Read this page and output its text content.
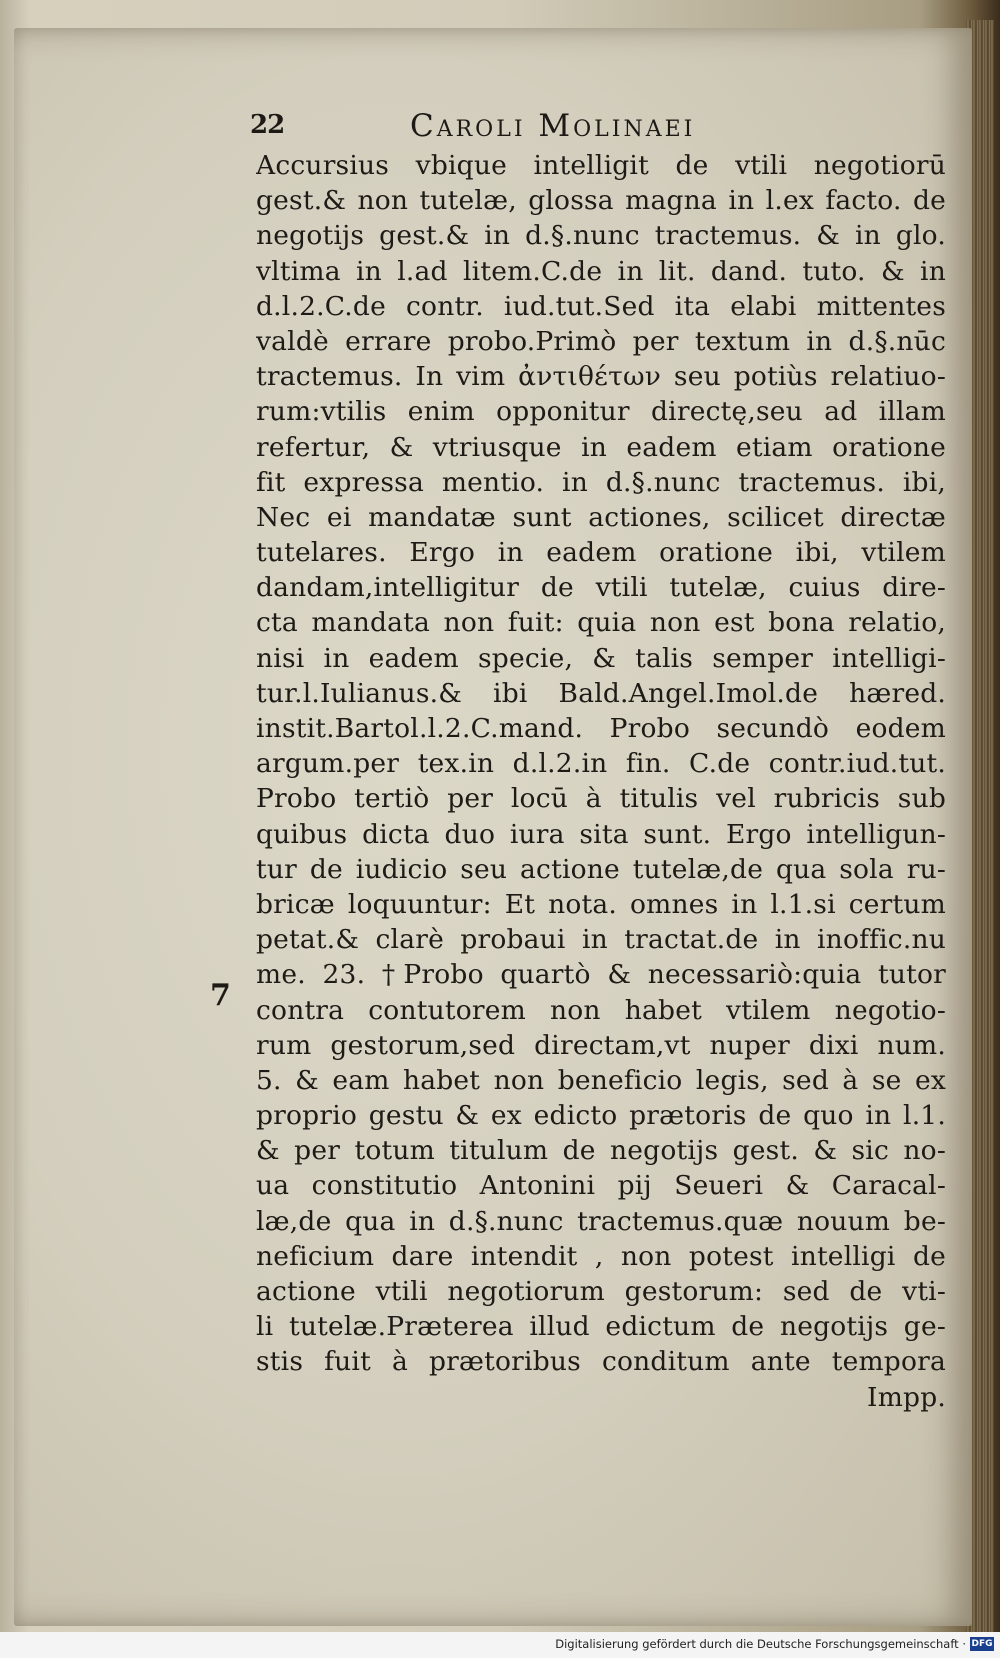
22	Caroli Molinaei
7
Accursius vbique intelligit de vtili negotiorū
gest.& non tutelæ, glossa magna in l.ex facto. de
negotijs gest.& in d.§.nunc tractemus. & in glo.
vltima in l.ad litem.C.de in lit. dand. tuto. & in
d.l.2.C.de contr. iud.tut.Sed ita elabi mittentes
valdè errare probo.Primò per textum in d.§.nūc
tractemus. In vim ἀντιθέτων seu potiùs relatiuo-
rum:vtilis enim opponitur directę,seu ad illam
refertur, & vtriusque in eadem etiam oratione
fit expressa mentio. in d.§.nunc tractemus. ibi,
Nec ei mandatæ sunt actiones, scilicet directæ
tutelares. Ergo in eadem oratione ibi, vtilem
dandam,intelligitur de vtili tutelæ, cuius dire-
cta mandata non fuit: quia non est bona relatio,
nisi in eadem specie, & talis semper intelligi-
tur.l.Iulianus.& ibi Bald.Angel.Imol.de hæred.
instit.Bartol.l.2.C.mand. Probo secundò eodem
argum.per tex.in d.l.2.in fin. C.de contr.iud.tut.
Probo tertiò per locū à titulis vel rubricis sub
quibus dicta duo iura sita sunt. Ergo intelligun-
tur de iudicio seu actione tutelæ,de qua sola ru-
bricæ loquuntur: Et nota. omnes in l.1.si certum
petat.& clarè probaui in tractat.de in inoffic.nu
me. 23. †Probo quartò & necessariò:quia tutor
contra contutorem non habet vtilem negotio-
rum gestorum,sed directam,vt nuper dixi num.
5. & eam habet non beneficio legis, sed à se ex
proprio gestu & ex edicto prætoris de quo in l.1.
& per totum titulum de negotijs gest. & sic no-
ua constitutio Antonini pij Seueri & Caracal-
læ,de qua in d.§.nunc tractemus.quæ nouum be-
neficium dare intendit , non potest intelligi de
actione vtili negotiorum gestorum: sed de vti-
li tutelæ.Præterea illud edictum de negotijs ge-
stis fuit à prætoribus conditum ante tempora
Impp.
Digitalisierung gefördert durch die Deutsche Forschungsgemeinschaft · DFG
